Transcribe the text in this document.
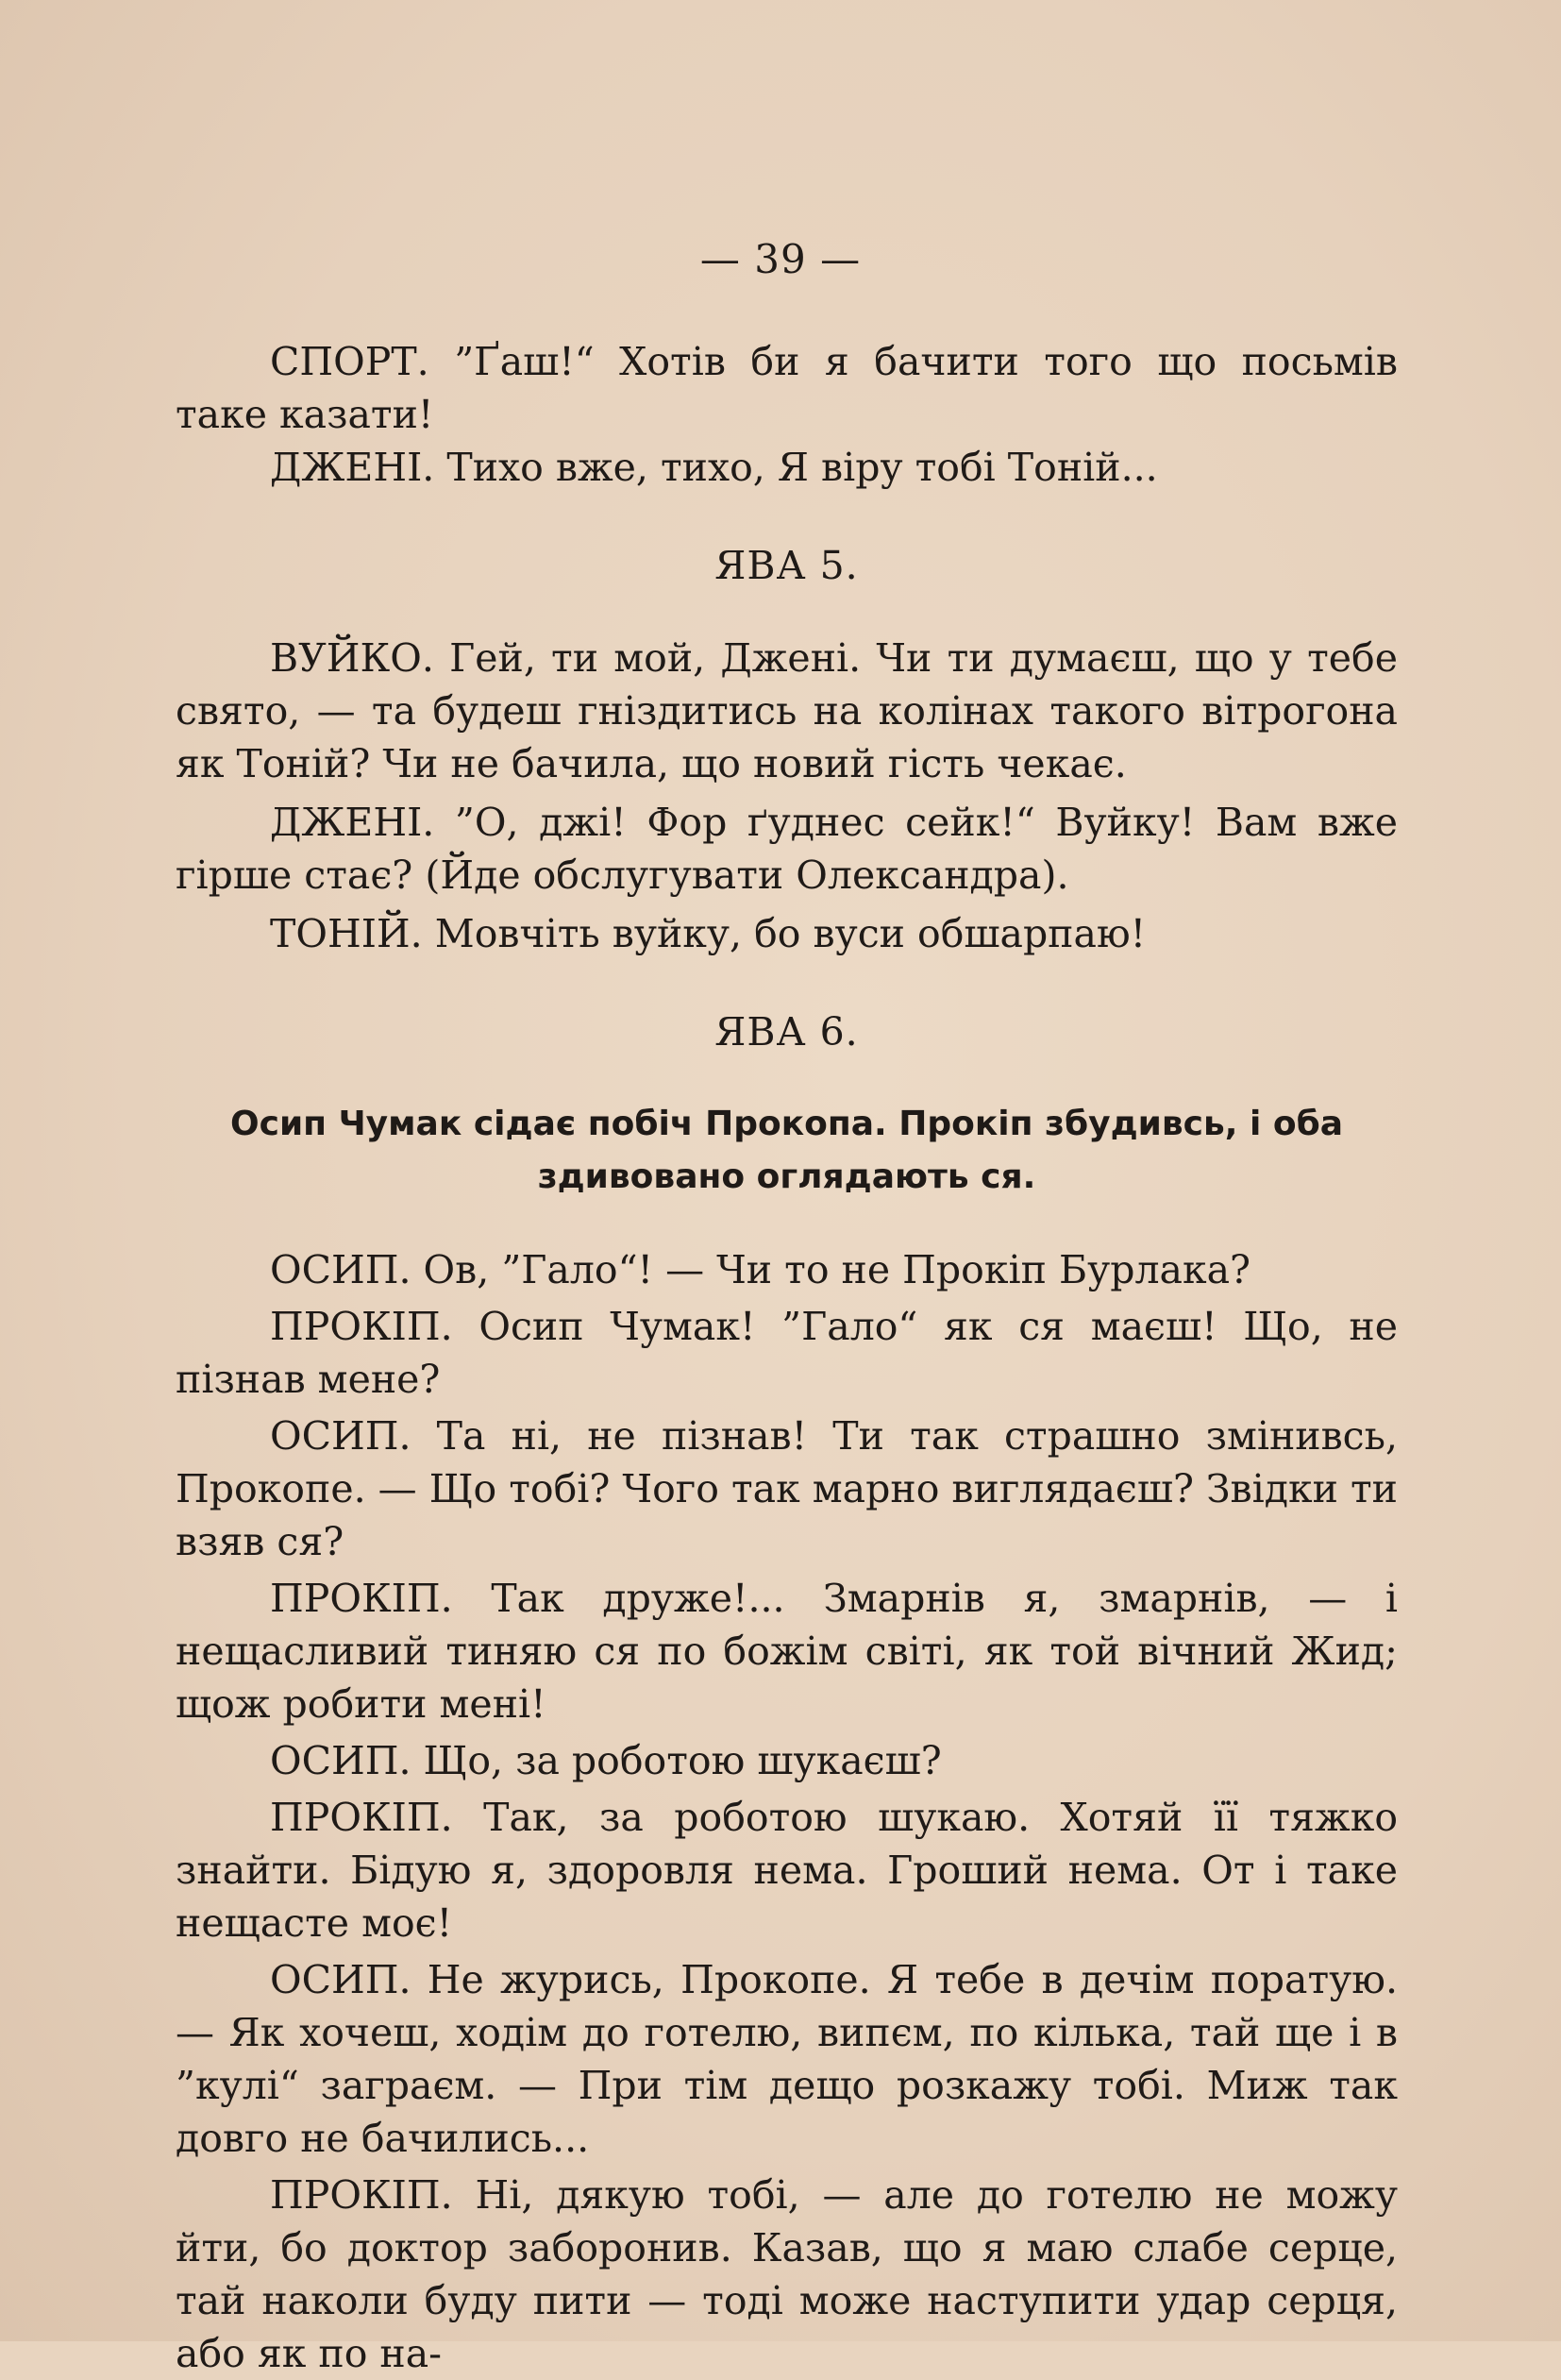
— 39 —

СПОРТ. ”Ґаш!“ Хотів би я бачити того що посьмів таке казати!

ДЖЕНІ. Тихо вже, тихо, Я віру тобі Тоній...

ЯВА 5.

ВУЙКО. Гей, ти мой, Джені. Чи ти думаєш, що у тебе свято, — та будеш гніздитись на колінах такого вітрогона як Тоній? Чи не бачила, що новий гість чекає.

ДЖЕНІ. ”О, джі! Фор ґуднес сейк!“ Вуйку! Вам вже гірше стає? (Йде обслугувати Олександра).

ТОНІЙ. Мовчіть вуйку, бо вуси обшарпаю!

ЯВА 6.

Осип Чумак сідає побіч Прокопа. Прокіп збудивсь, і оба здивовано оглядають ся.

ОСИП. Ов, ”Гало“! — Чи то не Прокіп Бурлака?

ПРОКІП. Осип Чумак! ”Гало“ як ся маєш! Що, не пізнав мене?

ОСИП. Та ні, не пізнав! Ти так страшно змінивсь, Прокопе. — Що тобі? Чого так марно виглядаєш? Звідки ти взяв ся?

ПРОКІП. Так друже!... Змарнів я, змарнів, — і нещасливий тиняю ся по божім світі, як той вічний Жид; щож робити мені!

ОСИП. Що, за роботою шукаєш?

ПРОКІП. Так, за роботою шукаю. Хотяй її тяжко знайти. Бідую я, здоровля нема. Гроший нема. От і таке нещасте моє!

ОСИП. Не журись, Прокопе. Я тебе в дечім поратую. — Як хочеш, ходім до готелю, випєм, по кілька, тай ще і в ”кулі“ заграєм. — При тім дещо розкажу тобі. Миж так довго не бачились...

ПРОКІП. Ні, дякую тобі, — але до готелю не можу йти, бо доктор заборонив. Казав, що я маю слабе серце, тай наколи буду пити — тоді може наступити удар серця, або як по на-
